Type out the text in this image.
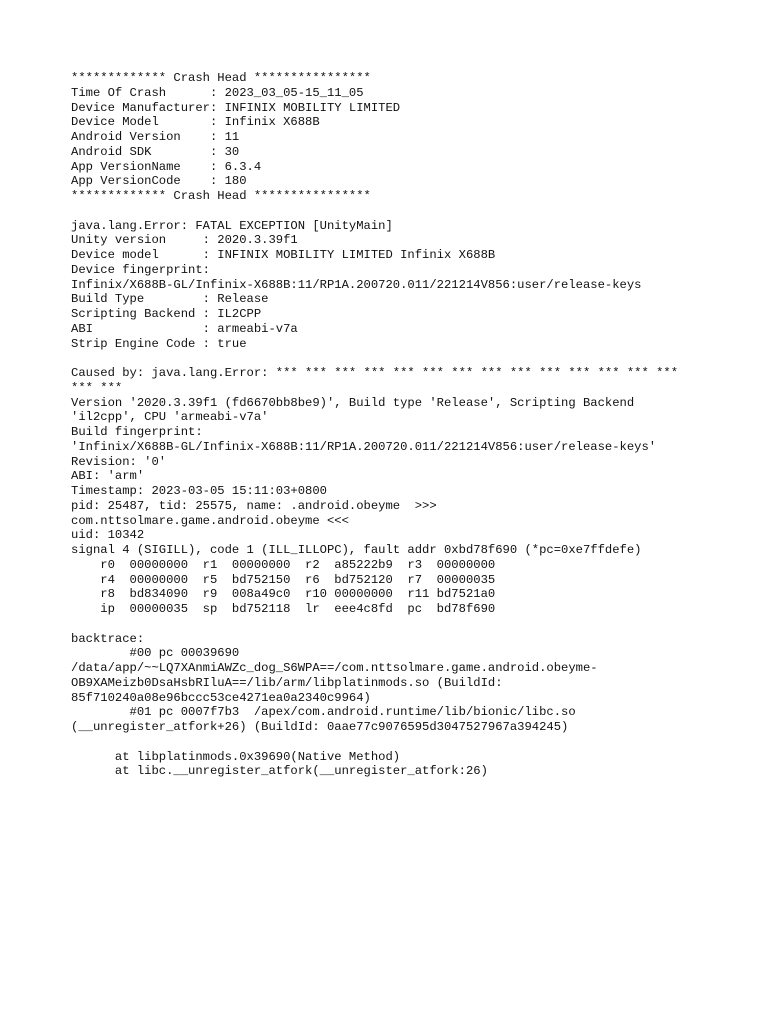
************* Crash Head ****************
Time Of Crash      : 2023_03_05-15_11_05
Device Manufacturer: INFINIX MOBILITY LIMITED
Device Model       : Infinix X688B
Android Version    : 11
Android SDK        : 30
App VersionName    : 6.3.4
App VersionCode    : 180
************* Crash Head ****************
java.lang.Error: FATAL EXCEPTION [UnityMain]
Unity version     : 2020.3.39f1
Device model      : INFINIX MOBILITY LIMITED Infinix X688B
Device fingerprint:
Infinix/X688B-GL/Infinix-X688B:11/RP1A.200720.011/221214V856:user/release-keys
Build Type        : Release
Scripting Backend : IL2CPP
ABI               : armeabi-v7a
Strip Engine Code : true
Caused by: java.lang.Error: *** *** *** *** *** *** *** *** *** *** *** *** *** ***
*** ***
Version '2020.3.39f1 (fd6670bb8be9)', Build type 'Release', Scripting Backend
'il2cpp', CPU 'armeabi-v7a'
Build fingerprint:
'Infinix/X688B-GL/Infinix-X688B:11/RP1A.200720.011/221214V856:user/release-keys'
Revision: '0'
ABI: 'arm'
Timestamp: 2023-03-05 15:11:03+0800
pid: 25487, tid: 25575, name: .android.obeyme  >>>
com.nttsolmare.game.android.obeyme <<<
uid: 10342
signal 4 (SIGILL), code 1 (ILL_ILLOPC), fault addr 0xbd78f690 (*pc=0xe7ffdefe)
r0  00000000  r1  00000000  r2  a85222b9  r3  00000000
r4  00000000  r5  bd752150  r6  bd752120  r7  00000035
r8  bd834090  r9  008a49c0  r10 00000000  r11 bd7521a0
ip  00000035  sp  bd752118  lr  eee4c8fd  pc  bd78f690
backtrace:
#00 pc 00039690
/data/app/~~LQ7XAnmiAWZc_dog_S6WPA==/com.nttsolmare.game.android.obeyme-
OB9XAMeizb0DsaHsbRIluA==/lib/arm/libplatinmods.so (BuildId:
85f710240a08e96bccc53ce4271ea0a2340c9964)
#01 pc 0007f7b3  /apex/com.android.runtime/lib/bionic/libc.so
(__unregister_atfork+26) (BuildId: 0aae77c9076595d3047527967a394245)
at libplatinmods.0x39690(Native Method)
at libc.__unregister_atfork(__unregister_atfork:26)
